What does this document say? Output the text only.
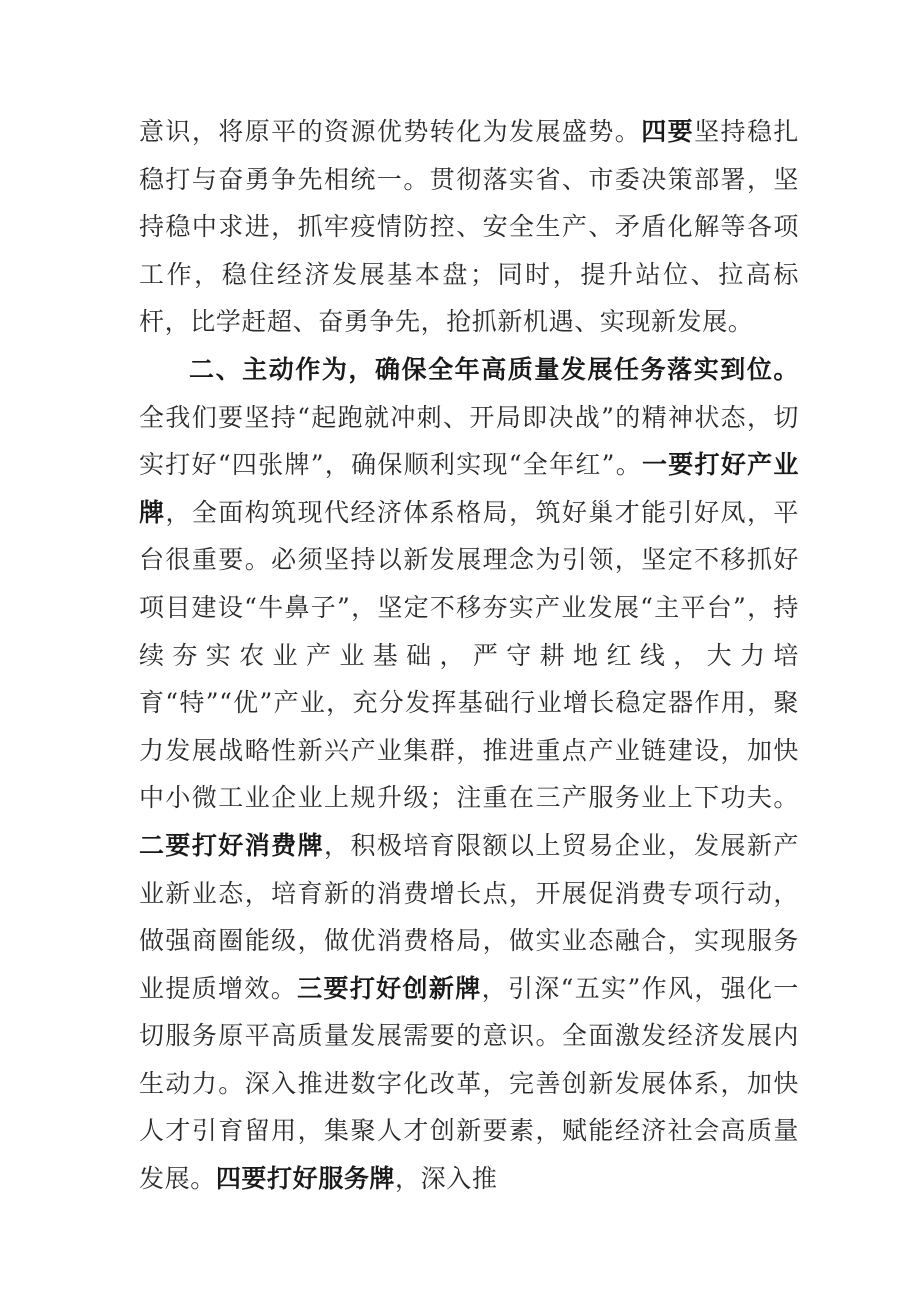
意识，将原平的资源优势转化为发展盛势。四要坚持稳扎稳打与奋勇争先相统一。贯彻落实省、市委决策部署，坚持稳中求进，抓牢疫情防控、安全生产、矛盾化解等各项工作，稳住经济发展基本盘；同时，提升站位、拉高标杆，比学赶超、奋勇争先，抢抓新机遇、实现新发展。

二、主动作为，确保全年高质量发展任务落实到位。全我们要坚持“起跑就冲刺、开局即决战”的精神状态，切实打好“四张牌”，确保顺利实现“全年红”。一要打好产业牌，全面构筑现代经济体系格局，筑好巢才能引好凤，平台很重要。必须坚持以新发展理念为引领，坚定不移抓好项目建设“牛鼻子”，坚定不移夯实产业发展“主平台”，持续夯实农业产业基础，严守耕地红线，大力培育“特”“优”产业，充分发挥基础行业增长稳定器作用，聚力发展战略性新兴产业集群，推进重点产业链建设，加快中小微工业企业上规升级；注重在三产服务业上下功夫。二要打好消费牌，积极培育限额以上贸易企业，发展新产业新业态，培育新的消费增长点，开展促消费专项行动，做强商圈能级，做优消费格局，做实业态融合，实现服务业提质增效。三要打好创新牌，引深“五实”作风，强化一切服务原平高质量发展需要的意识。全面激发经济发展内生动力。深入推进数字化改革，完善创新发展体系，加快人才引育留用，集聚人才创新要素，赋能经济社会高质量发展。四要打好服务牌，深入推
